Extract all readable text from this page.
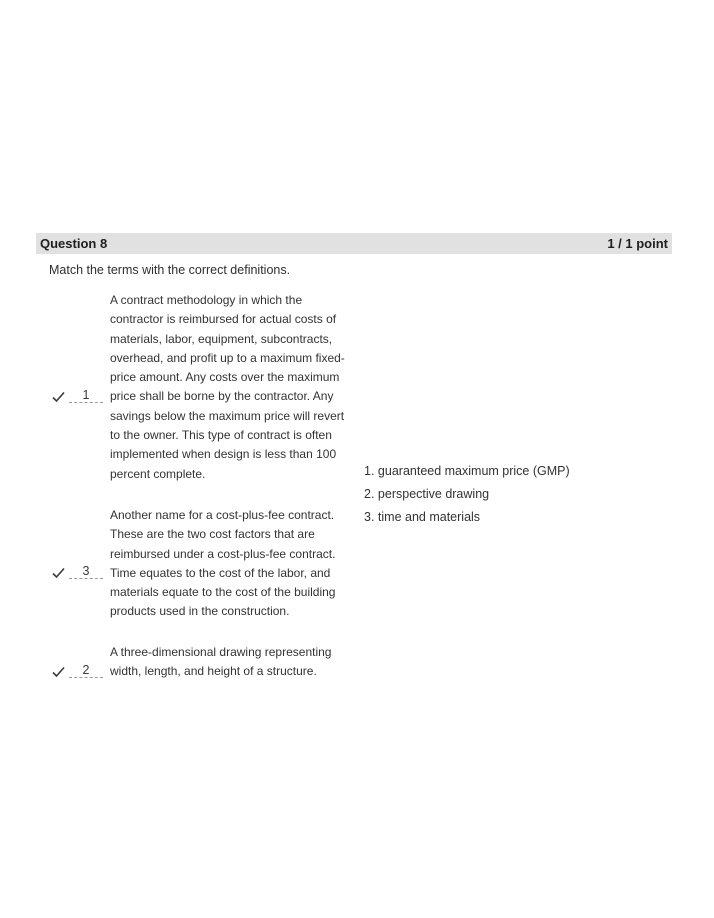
Question 8	1 / 1 point
Match the terms with the correct definitions.
A contract methodology in which the contractor is reimbursed for actual costs of materials, labor, equipment, subcontracts, overhead, and profit up to a maximum fixed-price amount. Any costs over the maximum price shall be borne by the contractor. Any savings below the maximum price will revert to the owner. This type of contract is often implemented when design is less than 100 percent complete.
1
Another name for a cost-plus-fee contract. These are the two cost factors that are reimbursed under a cost-plus-fee contract. Time equates to the cost of the labor, and materials equate to the cost of the building products used in the construction.
3
A three-dimensional drawing representing width, length, and height of a structure.
2
1. guaranteed maximum price (GMP)
2. perspective drawing
3. time and materials
